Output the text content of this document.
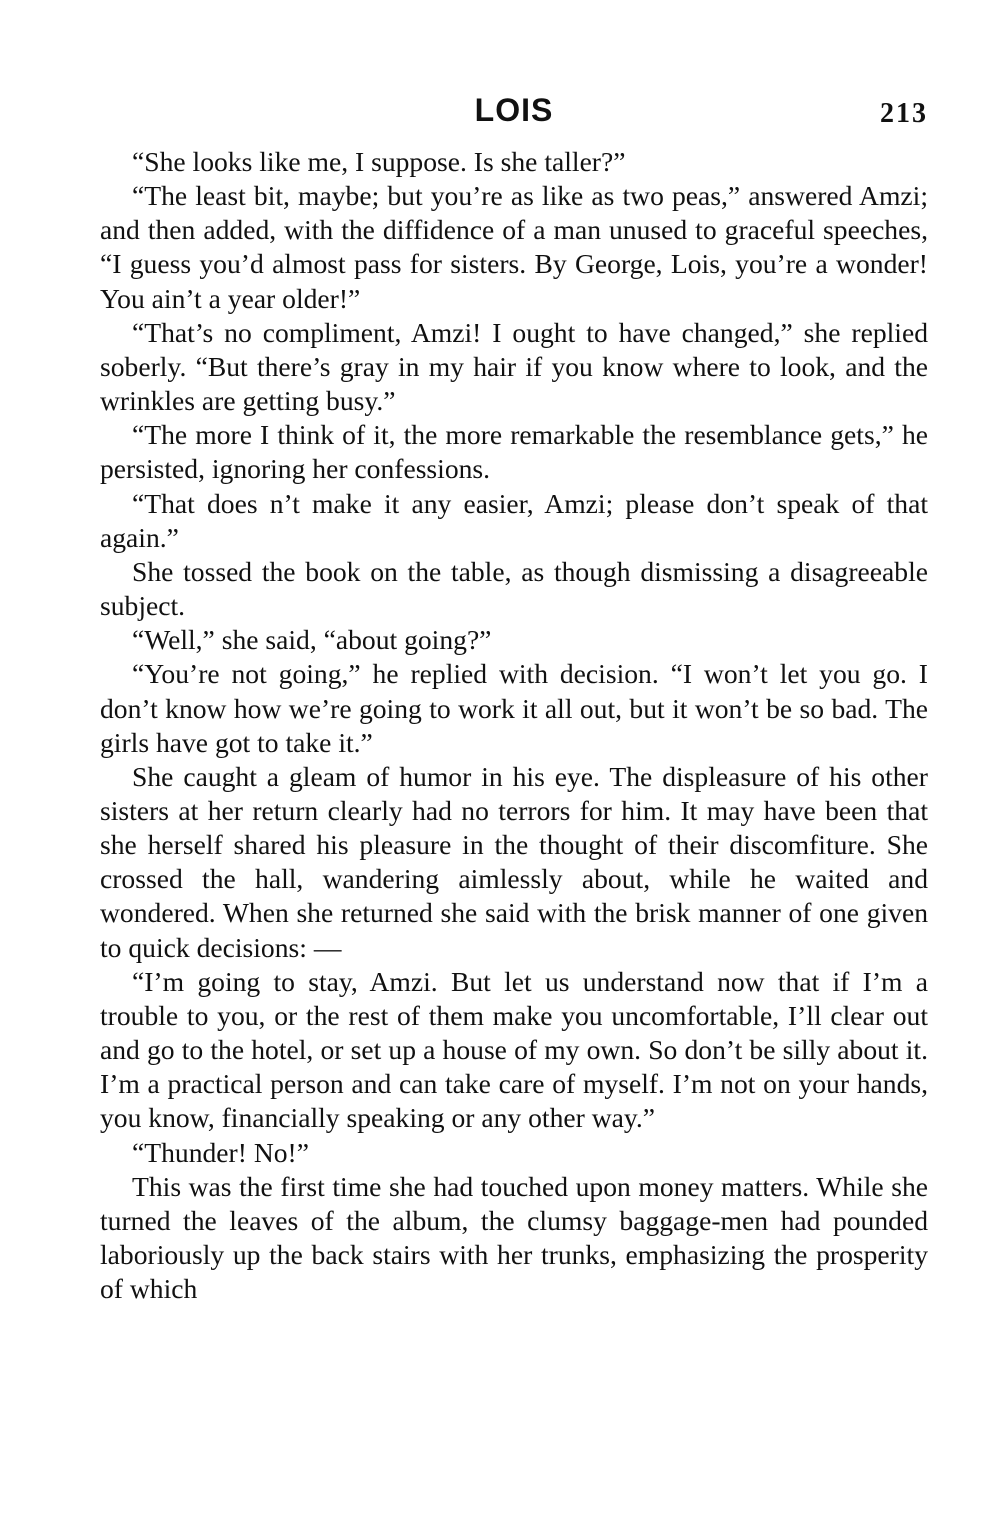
LOIS	213

“She looks like me, I suppose. Is she taller?”

“The least bit, maybe; but you’re as like as two peas,” answered Amzi; and then added, with the diffidence of a man unused to graceful speeches, “I guess you’d almost pass for sisters. By George, Lois, you’re a wonder! You ain’t a year older!”

“That’s no compliment, Amzi! I ought to have changed,” she replied soberly. “But there’s gray in my hair if you know where to look, and the wrinkles are getting busy.”

“The more I think of it, the more remarkable the resemblance gets,” he persisted, ignoring her confessions.

“That does n’t make it any easier, Amzi; please don’t speak of that again.”

She tossed the book on the table, as though dismissing a disagreeable subject.

“Well,” she said, “about going?”

“You’re not going,” he replied with decision. “I won’t let you go. I don’t know how we’re going to work it all out, but it won’t be so bad. The girls have got to take it.”

She caught a gleam of humor in his eye. The displeasure of his other sisters at her return clearly had no terrors for him. It may have been that she herself shared his pleasure in the thought of their discomfiture. She crossed the hall, wandering aimlessly about, while he waited and wondered. When she returned she said with the brisk manner of one given to quick decisions: —

“I’m going to stay, Amzi. But let us understand now that if I’m a trouble to you, or the rest of them make you uncomfortable, I’ll clear out and go to the hotel, or set up a house of my own. So don’t be silly about it. I’m a practical person and can take care of myself. I’m not on your hands, you know, financially speaking or any other way.”

“Thunder! No!”

This was the first time she had touched upon money matters. While she turned the leaves of the album, the clumsy baggage-men had pounded laboriously up the back stairs with her trunks, emphasizing the prosperity of which
